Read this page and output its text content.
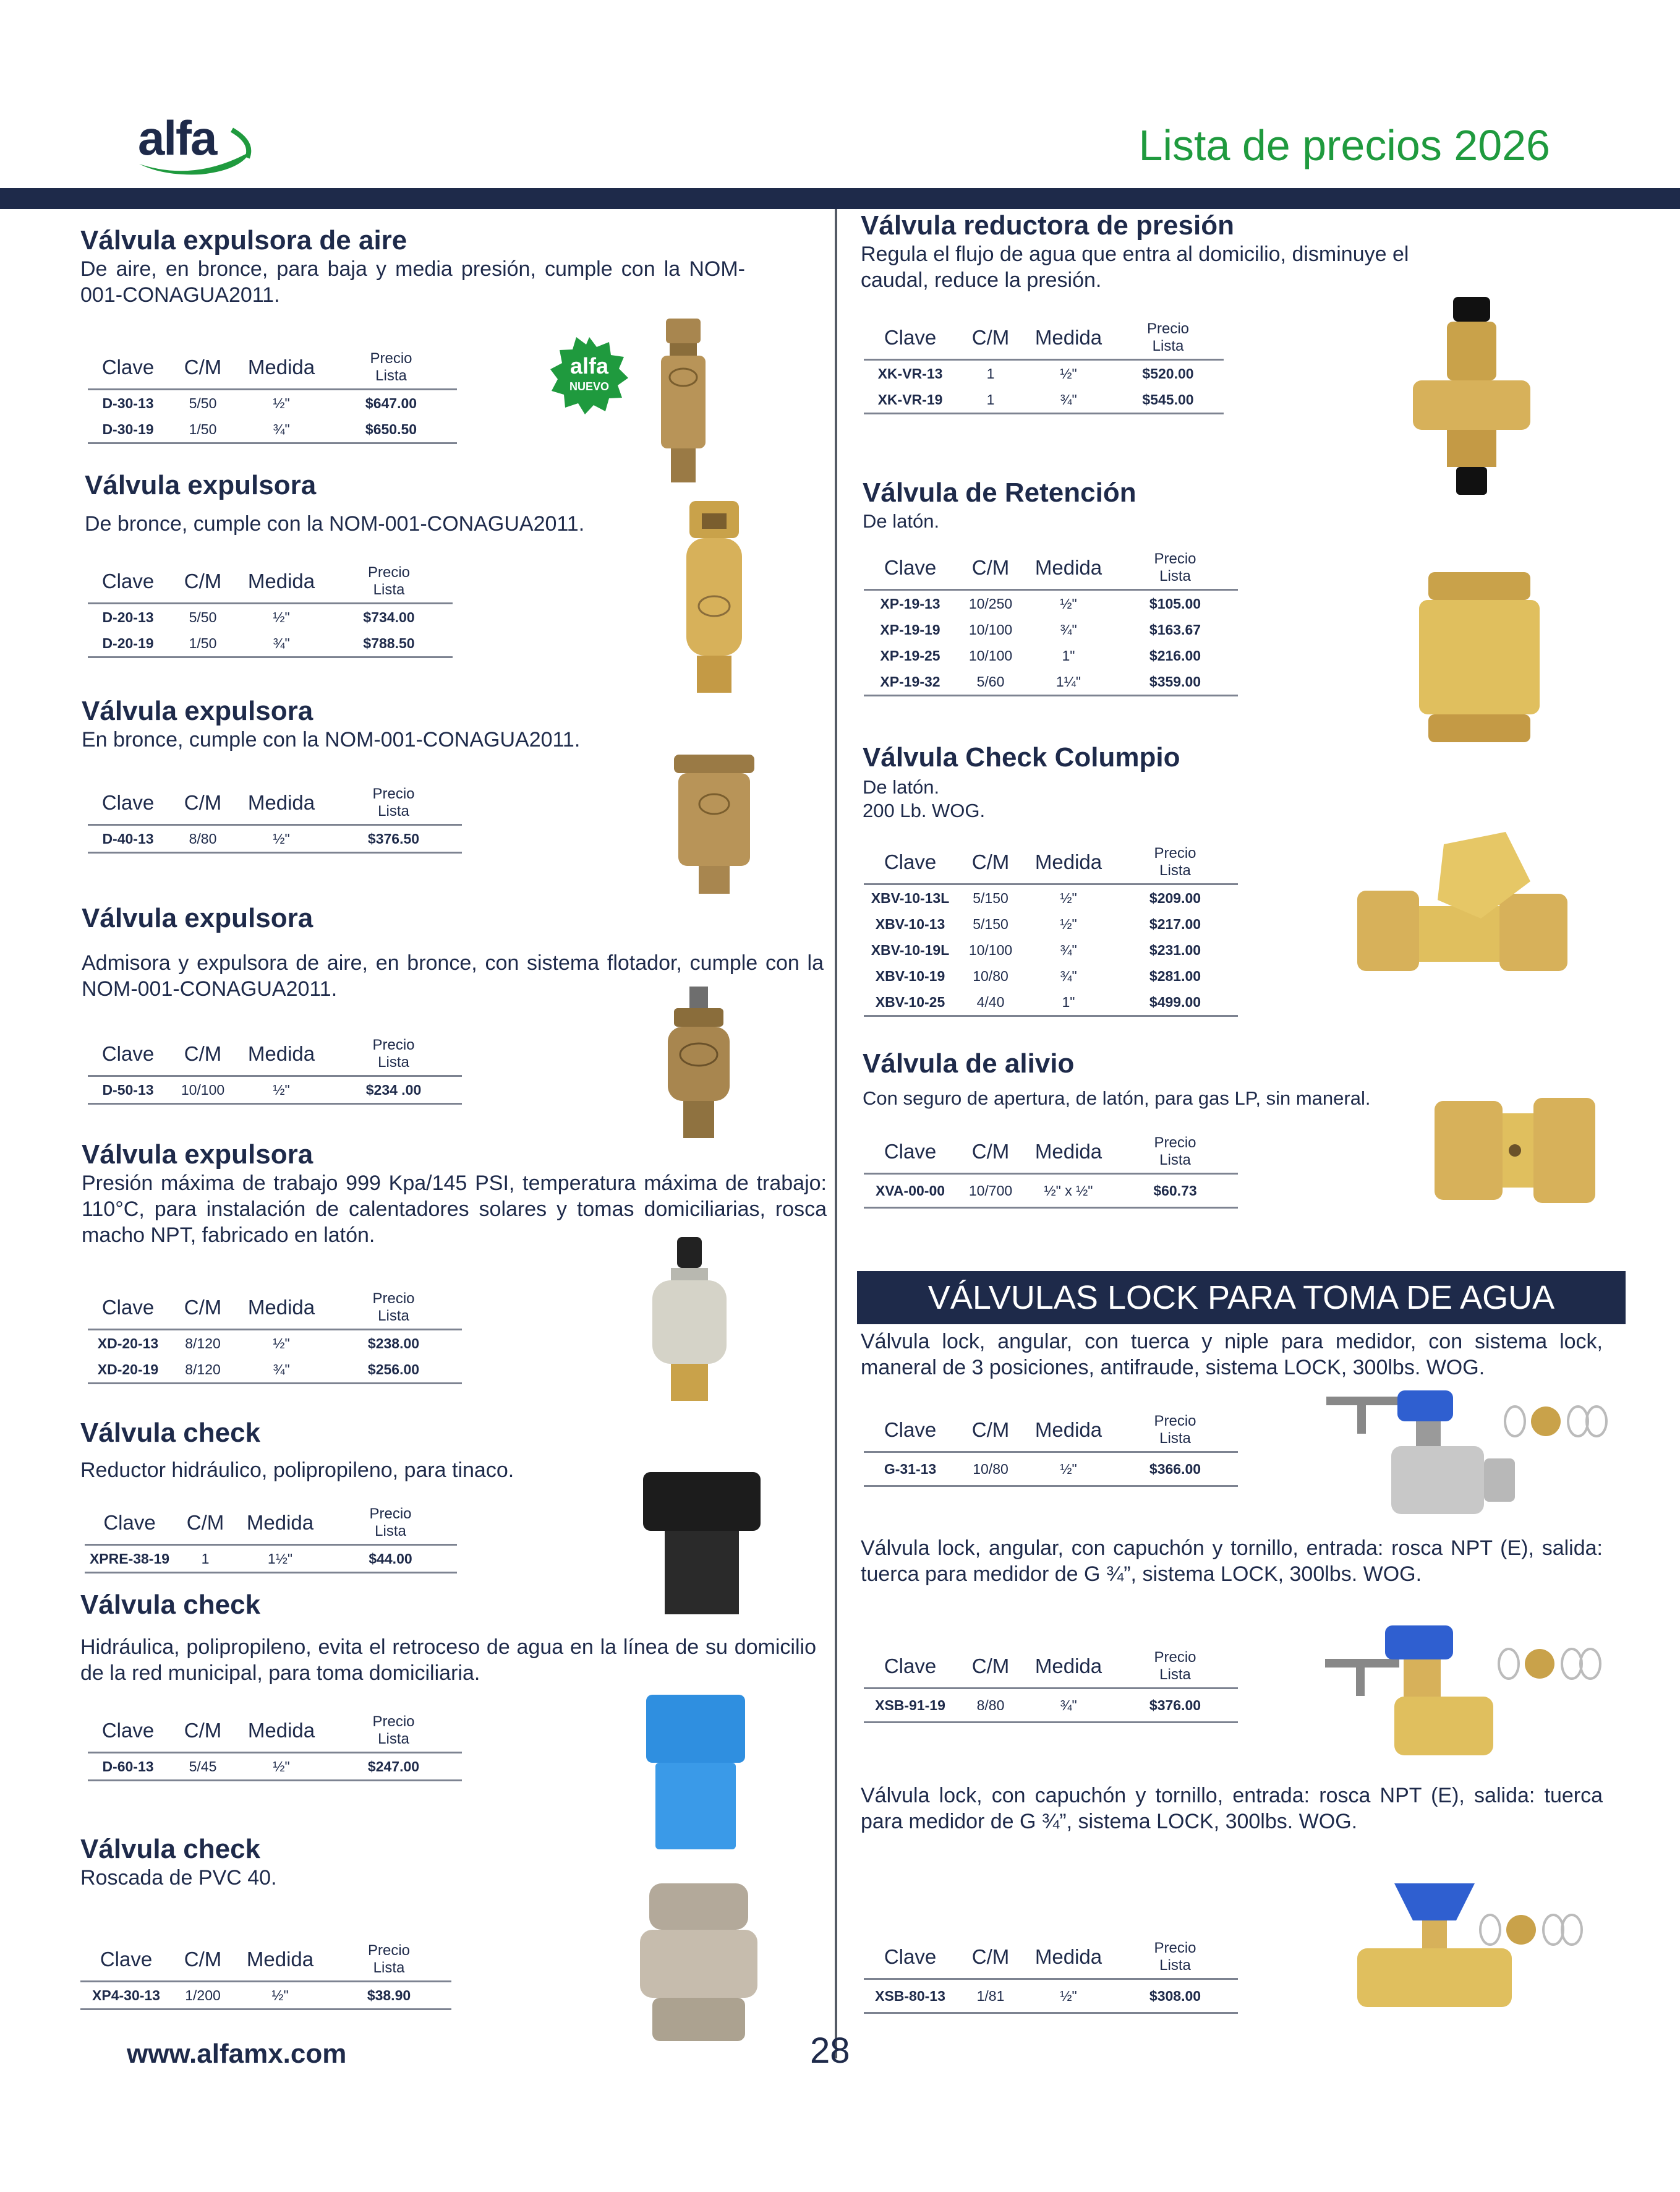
alfa	Lista de precios 2026
alfa
NUEVO
Válvula expulsora de aire
De aire, en bronce, para baja y media presión, cumple con la NOM-001-CONAGUA2011.
Clave	C/M	Medida	Precio
Lista
D-30-13	5/50	½"	$647.00
D-30-19	1/50	¾"	$650.50
Válvula expulsora
De bronce, cumple con la NOM-001-CONAGUA2011.
Clave	C/M	Medida	Precio
Lista
D-20-13	5/50	½"	$734.00
D-20-19	1/50	¾"	$788.50
Válvula expulsora
En bronce, cumple con la NOM-001-CONAGUA2011.
Clave	C/M	Medida	Precio
Lista
D-40-13	8/80	½"	$376.50
Válvula expulsora
Admisora y expulsora de aire, en bronce, con sistema flotador, cumple con la NOM-001-CONAGUA2011.
Clave	C/M	Medida	Precio
Lista
D-50-13	10/100	½"	$234 .00
Válvula expulsora
Presión máxima de trabajo 999 Kpa/145 PSI, temperatura máxima de trabajo: 110°C, para instalación de calentadores solares y tomas domiciliarias, rosca macho NPT, fabricado en latón.
Clave	C/M	Medida	Precio
Lista
XD-20-13	8/120	½"	$238.00
XD-20-19	8/120	¾"	$256.00
Válvula check
Reductor hidráulico, polipropileno, para tinaco.
Clave	C/M	Medida	Precio
Lista
XPRE-38-19	1	1½"	$44.00
Válvula check
Hidráulica, polipropileno, evita el retroceso de agua en la línea de su domicilio de la red municipal, para toma domiciliaria.
Clave	C/M	Medida	Precio
Lista
D-60-13	5/45	½"	$247.00
Válvula check
Roscada de PVC 40.
Clave	C/M	Medida	Precio
Lista
XP4-30-13	1/200	½"	$38.90
Válvula reductora de presión
Regula el flujo de agua que entra al domicilio, disminuye el caudal, reduce la presión.
Clave	C/M	Medida	Precio
Lista
XK-VR-13	1	½"	$520.00
XK-VR-19	1	¾"	$545.00
Válvula de Retención
De latón.
Clave	C/M	Medida	Precio
Lista
XP-19-13	10/250	½"	$105.00
XP-19-19	10/100	¾"	$163.67
XP-19-25	10/100	1"	$216.00
XP-19-32	5/60	1¼"	$359.00
Válvula Check Columpio
De latón.
200 Lb. WOG.
Clave	C/M	Medida	Precio
Lista
XBV-10-13L	5/150	½"	$209.00
XBV-10-13	5/150	½"	$217.00
XBV-10-19L	10/100	¾"	$231.00
XBV-10-19	10/80	¾"	$281.00
XBV-10-25	4/40	1"	$499.00
Válvula de alivio
Con seguro de apertura, de latón, para gas LP, sin maneral.
Clave	C/M	Medida	Precio
Lista
XVA-00-00	10/700	½" x ½"	$60.73
VÁLVULAS LOCK PARA TOMA DE AGUA
Válvula lock, angular, con tuerca y niple para medidor, con sistema lock, maneral de 3 posiciones, antifraude, sistema LOCK, 300lbs. WOG.
Clave	C/M	Medida	Precio
Lista
G-31-13	10/80	½"	$366.00
Válvula lock, angular, con capuchón y tornillo, entrada: rosca NPT (E), salida: tuerca para medidor de G ¾”, sistema LOCK, 300lbs. WOG.
Clave	C/M	Medida	Precio
Lista
XSB-91-19	8/80	¾"	$376.00
Válvula lock, con capuchón y tornillo, entrada: rosca NPT (E), salida: tuerca para medidor de G ¾”, sistema LOCK, 300lbs. WOG.
Clave	C/M	Medida	Precio
Lista
XSB-80-13	1/81	½"	$308.00
www.alfamx.com	28
